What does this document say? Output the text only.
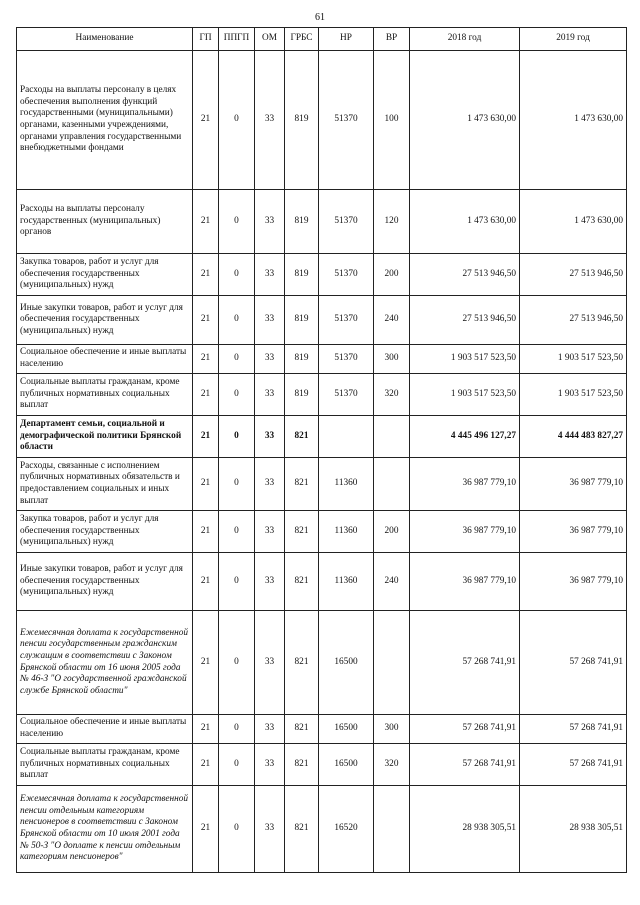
61
Наименование	ГП	ППГП	ОМ	ГРБС	НР	ВР	2018 год	2019 год
Расходы на выплаты персоналу в целях обеспечения выполнения функций государственными (муниципальными) органами, казенными учреждениями, органами управления государственными внебюджетными фондами	21	0	33	819	51370	100	1 473 630,00	1 473 630,00
Расходы на выплаты персоналу государственных (муниципальных) органов	21	0	33	819	51370	120	1 473 630,00	1 473 630,00
Закупка товаров, работ и услуг для обеспечения государственных (муниципальных) нужд	21	0	33	819	51370	200	27 513 946,50	27 513 946,50
Иные закупки товаров, работ и услуг для обеспечения государственных (муниципальных) нужд	21	0	33	819	51370	240	27 513 946,50	27 513 946,50
Социальное обеспечение и иные выплаты населению	21	0	33	819	51370	300	1 903 517 523,50	1 903 517 523,50
Социальные выплаты гражданам, кроме публичных нормативных социальных выплат	21	0	33	819	51370	320	1 903 517 523,50	1 903 517 523,50
Департамент семьи, социальной и демографической политики Брянской области	21	0	33	821			4 445 496 127,27	4 444 483 827,27
Расходы, связанные с исполнением публичных нормативных обязательств и предоставлением социальных и иных выплат	21	0	33	821	11360		36 987 779,10	36 987 779,10
Закупка товаров, работ и услуг для обеспечения государственных (муниципальных) нужд	21	0	33	821	11360	200	36 987 779,10	36 987 779,10
Иные закупки товаров, работ и услуг для обеспечения государственных (муниципальных) нужд	21	0	33	821	11360	240	36 987 779,10	36 987 779,10
Ежемесячная доплата к государственной пенсии государственным гражданским служащим в соответствии с Законом Брянской области от 16 июня 2005 года № 46-З "О государственной гражданской службе Брянской области"	21	0	33	821	16500		57 268 741,91	57 268 741,91
Социальное обеспечение и иные выплаты населению	21	0	33	821	16500	300	57 268 741,91	57 268 741,91
Социальные выплаты гражданам, кроме публичных нормативных социальных выплат	21	0	33	821	16500	320	57 268 741,91	57 268 741,91
Ежемесячная доплата к государственной пенсии отдельным категориям пенсионеров в соответствии с Законом Брянской области от 10 июля 2001 года № 50-З "О доплате к пенсии отдельным категориям пенсионеров"	21	0	33	821	16520		28 938 305,51	28 938 305,51
